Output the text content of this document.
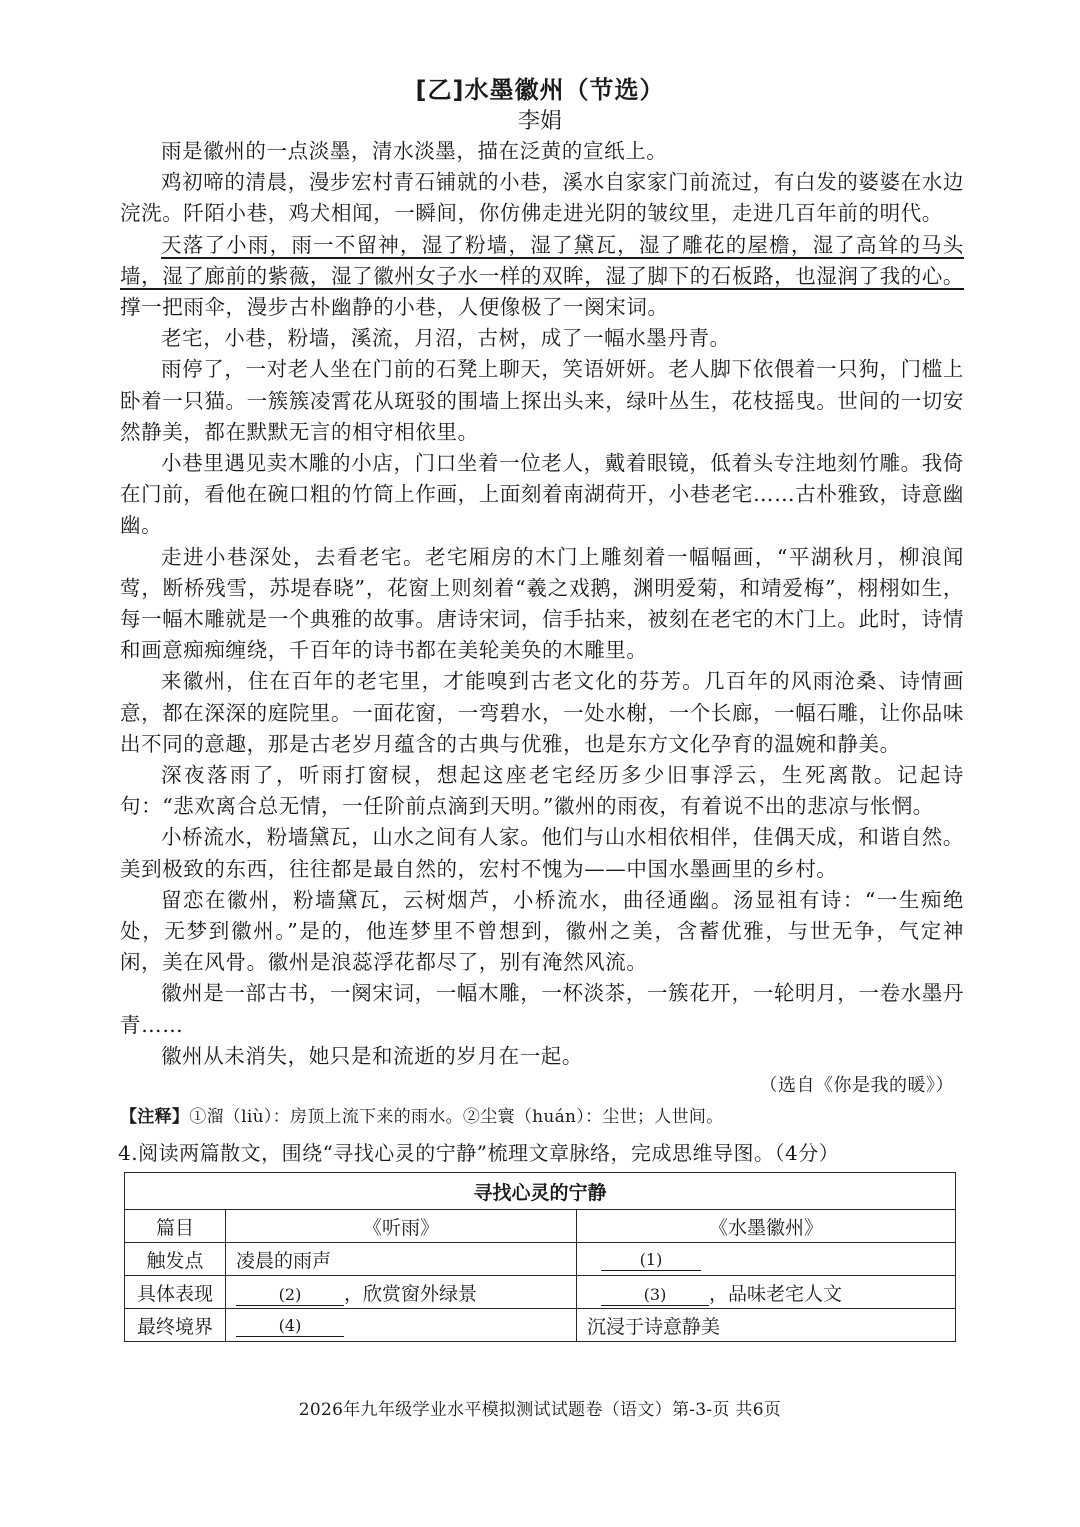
[乙]水墨徽州（节选）
李娟

雨是徽州的一点淡墨，清水淡墨，描在泛黄的宣纸上。

鸡初啼的清晨，漫步宏村青石铺就的小巷，溪水自家家门前流过，有白发的婆婆在水边浣洗。阡陌小巷，鸡犬相闻，一瞬间，你仿佛走进光阴的皱纹里，走进几百年前的明代。

天落了小雨，雨一不留神，湿了粉墙，湿了黛瓦，湿了雕花的屋檐，湿了高耸的马头墙，湿了廊前的紫薇，湿了徽州女子水一样的双眸，湿了脚下的石板路，也湿润了我的心。

撑一把雨伞，漫步古朴幽静的小巷，人便像极了一阕宋词。

老宅，小巷，粉墙，溪流，月沼，古树，成了一幅水墨丹青。

雨停了，一对老人坐在门前的石凳上聊天，笑语妍妍。老人脚下依偎着一只狗，门槛上卧着一只猫。一簇簇凌霄花从斑驳的围墙上探出头来，绿叶丛生，花枝摇曳。世间的一切安然静美，都在默默无言的相守相依里。

小巷里遇见卖木雕的小店，门口坐着一位老人，戴着眼镜，低着头专注地刻竹雕。我倚在门前，看他在碗口粗的竹筒上作画，上面刻着南湖荷开，小巷老宅……古朴雅致，诗意幽幽。

走进小巷深处，去看老宅。老宅厢房的木门上雕刻着一幅幅画，“平湖秋月，柳浪闻莺，断桥残雪，苏堤春晓”，花窗上则刻着“羲之戏鹅，渊明爱菊，和靖爱梅”，栩栩如生，每一幅木雕就是一个典雅的故事。唐诗宋词，信手拈来，被刻在老宅的木门上。此时，诗情和画意痴痴缠绕，千百年的诗书都在美轮美奂的木雕里。

来徽州，住在百年的老宅里，才能嗅到古老文化的芬芳。几百年的风雨沧桑、诗情画意，都在深深的庭院里。一面花窗，一弯碧水，一处水榭，一个长廊，一幅石雕，让你品味出不同的意趣，那是古老岁月蕴含的古典与优雅，也是东方文化孕育的温婉和静美。

深夜落雨了，听雨打窗棂，想起这座老宅经历多少旧事浮云，生死离散。记起诗句：“悲欢离合总无情，一任阶前点滴到天明。”徽州的雨夜，有着说不出的悲凉与怅惘。

小桥流水，粉墙黛瓦，山水之间有人家。他们与山水相依相伴，佳偶天成，和谐自然。美到极致的东西，往往都是最自然的，宏村不愧为——中国水墨画里的乡村。

留恋在徽州，粉墙黛瓦，云树烟芦，小桥流水，曲径通幽。汤显祖有诗：“一生痴绝处，无梦到徽州。”是的，他连梦里不曾想到，徽州之美，含蓄优雅，与世无争，气定神闲，美在风骨。徽州是浪蕊浮花都尽了，别有淹然风流。

徽州是一部古书，一阕宋词，一幅木雕，一杯淡茶，一簇花开，一轮明月，一卷水墨丹青……

徽州从未消失，她只是和流逝的岁月在一起。

（选自《你是我的暖》）
【注释】①溜（liù）：房顶上流下来的雨水。②尘寰（huán）：尘世；人世间。
4.阅读两篇散文，围绕“寻找心灵的宁静”梳理文章脉络，完成思维导图。（4分）
寻找心灵的宁静		
篇目	《听雨》	《水墨徽州》
触发点	凌晨的雨声	(1)
具体表现	(2) ，欣赏窗外绿景	(3) ，品味老宅人文
最终境界	(4)	沉浸于诗意静美
2026年九年级学业水平模拟测试试题卷（语文）第-3-页 共6页
